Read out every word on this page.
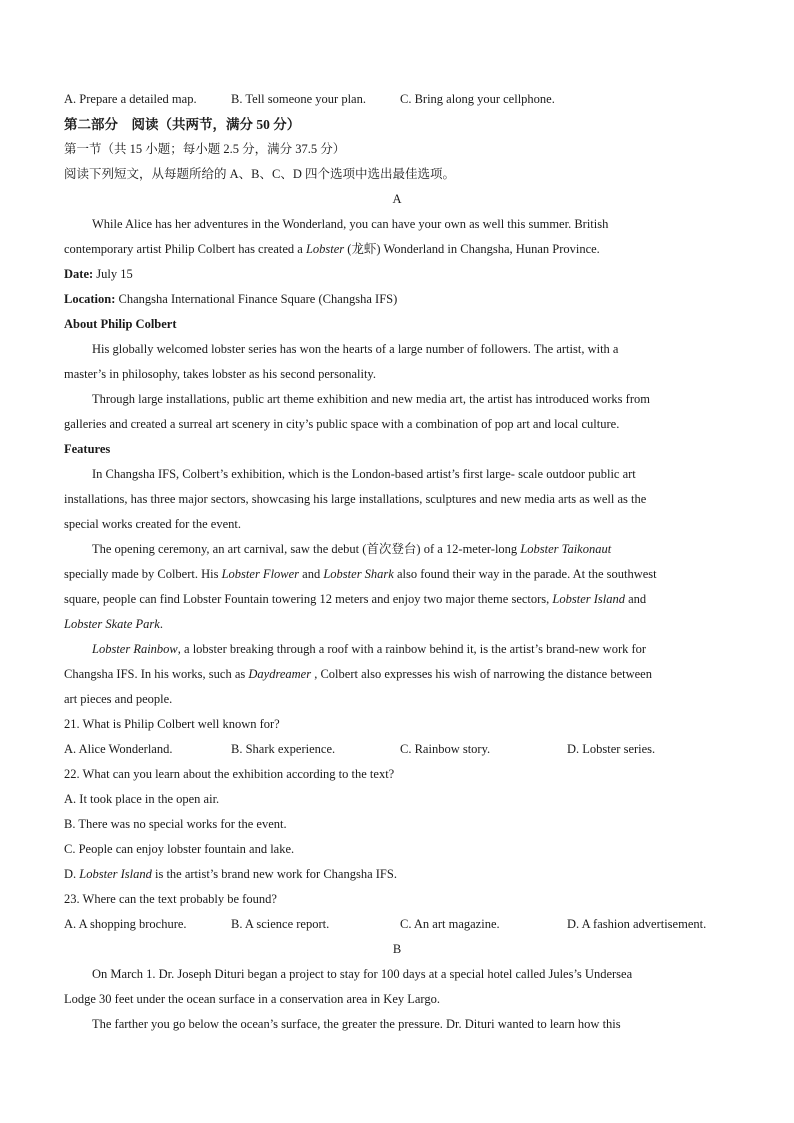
A. Prepare a detailed map.	B. Tell someone your plan.	C. Bring along your cellphone.
第二部分　阅读（共两节，满分 50 分）
第一节（共 15 小题；每小题 2.5 分，满分 37.5 分）
阅读下列短文，从每题所给的 A、B、C、D 四个选项中选出最佳选项。
A
While Alice has her adventures in the Wonderland, you can have your own as well this summer. British
contemporary artist Philip Colbert has created a Lobster (龙虾) Wonderland in Changsha, Hunan Province.
Date: July 15
Location: Changsha International Finance Square (Changsha IFS)
About Philip Colbert
His globally welcomed lobster series has won the hearts of a large number of followers. The artist, with a
master’s in philosophy, takes lobster as his second personality.
Through large installations, public art theme exhibition and new media art, the artist has introduced works from
galleries and created a surreal art scenery in city’s public space with a combination of pop art and local culture.
Features
In Changsha IFS, Colbert’s exhibition, which is the London-based artist’s first large- scale outdoor public art
installations, has three major sectors, showcasing his large installations, sculptures and new media arts as well as the
special works created for the event.
The opening ceremony, an art carnival, saw the debut (首次登台) of a 12-meter-long Lobster Taikonaut
specially made by Colbert. His Lobster Flower and Lobster Shark also found their way in the parade. At the southwest
square, people can find Lobster Fountain towering 12 meters and enjoy two major theme sectors, Lobster Island and
Lobster Skate Park.
Lobster Rainbow, a lobster breaking through a roof with a rainbow behind it, is the artist’s brand-new work for
Changsha IFS. In his works, such as Daydreamer , Colbert also expresses his wish of narrowing the distance between
art pieces and people.
21. What is Philip Colbert well known for?
A. Alice Wonderland.	B. Shark experience.	C. Rainbow story.	D. Lobster series.
22. What can you learn about the exhibition according to the text?
A. It took place in the open air.
B. There was no special works for the event.
C. People can enjoy lobster fountain and lake.
D. Lobster Island is the artist’s brand new work for Changsha IFS.
23. Where can the text probably be found?
A. A shopping brochure.	B. A science report.	C. An art magazine.	D. A fashion advertisement.
B
On March 1. Dr. Joseph Dituri began a project to stay for 100 days at a special hotel called Jules’s Undersea
Lodge 30 feet under the ocean surface in a conservation area in Key Largo.
The farther you go below the ocean’s surface, the greater the pressure. Dr. Dituri wanted to learn how this
